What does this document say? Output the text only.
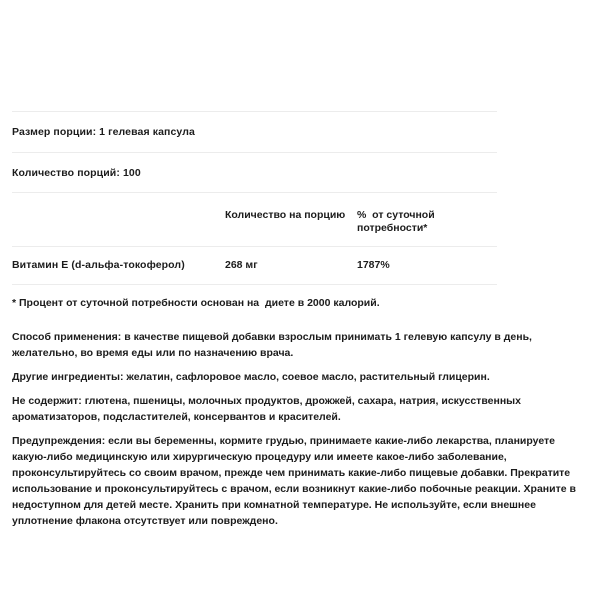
Размер порции: 1 гелевая капсула
Количество порций: 100
Количество на порцию %  от суточной
потребности*
Витамин Е (d-альфа-токоферол)	268 мг	1787%
* Процент от суточной потребности основан на  диете в 2000 калорий.

Способ применения: в качестве пищевой добавки взрослым принимать 1 гелевую капсулу в день, желательно, во время еды или по назначению врача.

Другие ингредиенты: желатин, сафлоровое масло, соевое масло, растительный глицерин.

Не содержит: глютена, пшеницы, молочных продуктов, дрожжей, сахара, натрия, искусственных ароматизаторов, подсластителей, консервантов и красителей.

Предупреждения: если вы беременны, кормите грудью, принимаете какие-либо лекарства, планируете какую-либо медицинскую или хирургическую процедуру или имеете какое-либо заболевание, проконсультируйтесь со своим врачом, прежде чем принимать какие-либо пищевые добавки. Прекратите использование и проконсультируйтесь с врачом, если возникнут какие-либо побочные реакции. Храните в недоступном для детей месте. Хранить при комнатной температуре. Не используйте, если внешнее уплотнение флакона отсутствует или повреждено.
